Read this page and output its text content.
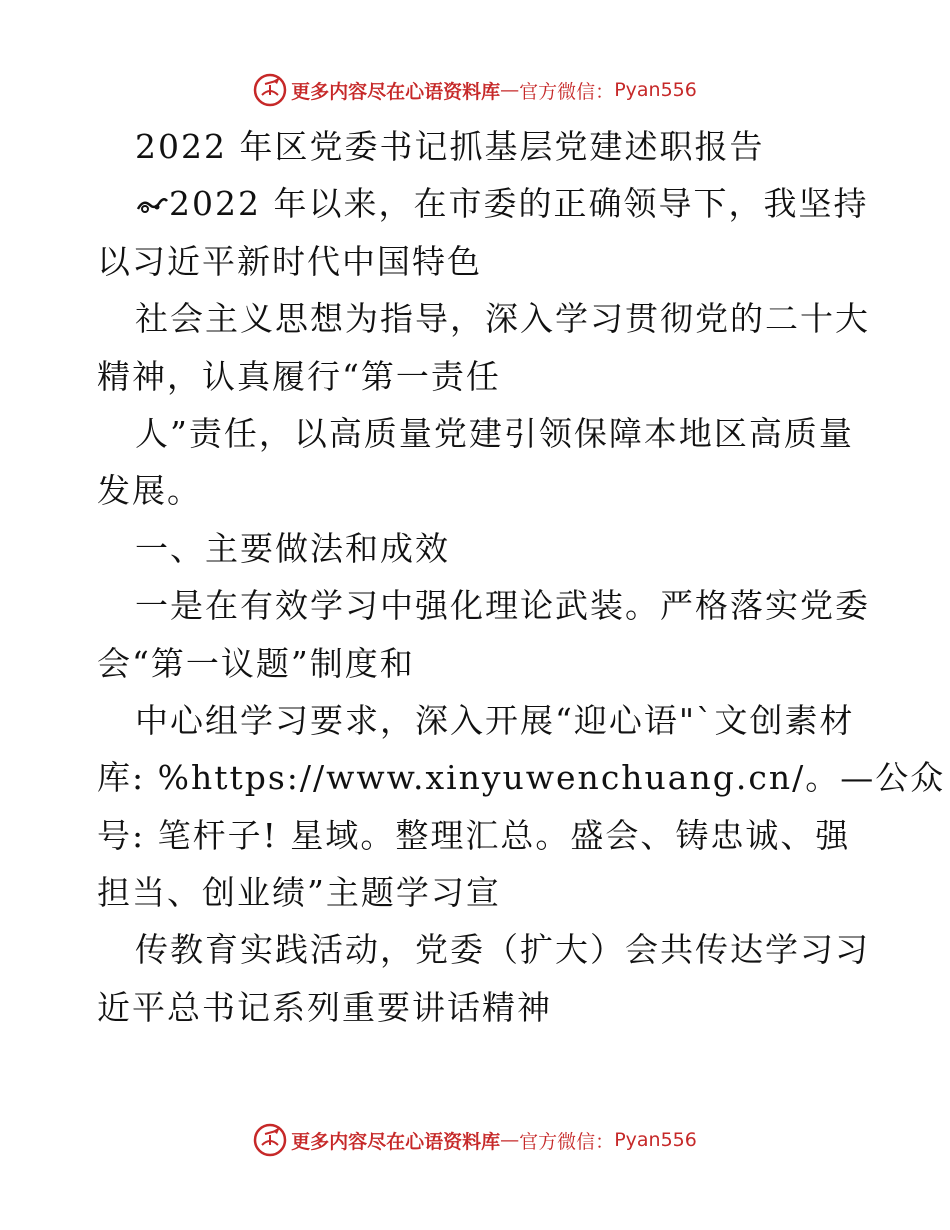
更多内容尽在心语资料库 — 官方微信： Pyan556
2022 年区党委书记抓基层党建述职报告
2022 年以来，在市委的正确领导下，我坚持
以习近平新时代中国特色
社会主义思想为指导，深入学习贯彻党的二十大
精神，认真履行“第一责任
人”责任，以高质量党建引领保障本地区高质量
发展。
一、主要做法和成效
一是在有效学习中强化理论武装。严格落实党委
会“第一议题”制度和
中心组学习要求，深入开展“迎心语"`文创素材
库: %https://www.xinyuwenchuang.cn/。—公众
号: 笔杆子! 星域。整理汇总。盛会、铸忠诚、强
担当、创业绩”主题学习宣
传教育实践活动，党委（扩大）会共传达学习习
近平总书记系列重要讲话精神
更多内容尽在心语资料库 — 官方微信： Pyan556
